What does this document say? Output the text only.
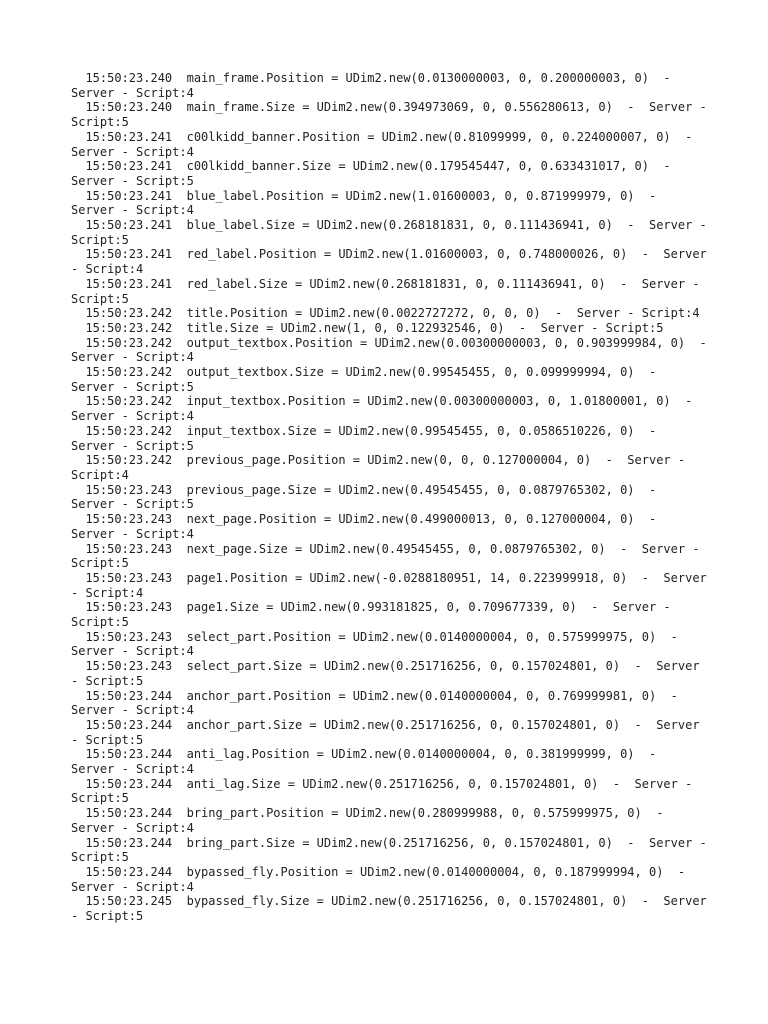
15:50:23.240  main_frame.Position = UDim2.new(0.0130000003, 0, 0.200000003, 0)  -  Server - Script:4

15:50:23.240  main_frame.Size = UDim2.new(0.394973069, 0, 0.556280613, 0)  -  Server - Script:5

15:50:23.241  c00lkidd_banner.Position = UDim2.new(0.81099999, 0, 0.224000007, 0)  -  Server - Script:4

15:50:23.241  c00lkidd_banner.Size = UDim2.new(0.179545447, 0, 0.633431017, 0)  -  Server - Script:5

15:50:23.241  blue_label.Position = UDim2.new(1.01600003, 0, 0.871999979, 0)  -  Server - Script:4

15:50:23.241  blue_label.Size = UDim2.new(0.268181831, 0, 0.111436941, 0)  -  Server - Script:5

15:50:23.241  red_label.Position = UDim2.new(1.01600003, 0, 0.748000026, 0)  -  Server - Script:4

15:50:23.241  red_label.Size = UDim2.new(0.268181831, 0, 0.111436941, 0)  -  Server - Script:5

15:50:23.242  title.Position = UDim2.new(0.0022727272, 0, 0, 0)  -  Server - Script:4

15:50:23.242  title.Size = UDim2.new(1, 0, 0.122932546, 0)  -  Server - Script:5

15:50:23.242  output_textbox.Position = UDim2.new(0.00300000003, 0, 0.903999984, 0)  -  Server - Script:4

15:50:23.242  output_textbox.Size = UDim2.new(0.99545455, 0, 0.099999994, 0)  -  Server - Script:5

15:50:23.242  input_textbox.Position = UDim2.new(0.00300000003, 0, 1.01800001, 0)  -  Server - Script:4

15:50:23.242  input_textbox.Size = UDim2.new(0.99545455, 0, 0.0586510226, 0)  -  Server - Script:5

15:50:23.242  previous_page.Position = UDim2.new(0, 0, 0.127000004, 0)  -  Server - Script:4

15:50:23.243  previous_page.Size = UDim2.new(0.49545455, 0, 0.0879765302, 0)  -  Server - Script:5

15:50:23.243  next_page.Position = UDim2.new(0.499000013, 0, 0.127000004, 0)  -  Server - Script:4

15:50:23.243  next_page.Size = UDim2.new(0.49545455, 0, 0.0879765302, 0)  -  Server - Script:5

15:50:23.243  page1.Position = UDim2.new(-0.0288180951, 14, 0.223999918, 0)  -  Server - Script:4

15:50:23.243  page1.Size = UDim2.new(0.993181825, 0, 0.709677339, 0)  -  Server - Script:5

15:50:23.243  select_part.Position = UDim2.new(0.0140000004, 0, 0.575999975, 0)  -  Server - Script:4

15:50:23.243  select_part.Size = UDim2.new(0.251716256, 0, 0.157024801, 0)  -  Server - Script:5

15:50:23.244  anchor_part.Position = UDim2.new(0.0140000004, 0, 0.769999981, 0)  -  Server - Script:4

15:50:23.244  anchor_part.Size = UDim2.new(0.251716256, 0, 0.157024801, 0)  -  Server - Script:5

15:50:23.244  anti_lag.Position = UDim2.new(0.0140000004, 0, 0.381999999, 0)  -  Server - Script:4

15:50:23.244  anti_lag.Size = UDim2.new(0.251716256, 0, 0.157024801, 0)  -  Server - Script:5

15:50:23.244  bring_part.Position = UDim2.new(0.280999988, 0, 0.575999975, 0)  -  Server - Script:4

15:50:23.244  bring_part.Size = UDim2.new(0.251716256, 0, 0.157024801, 0)  -  Server - Script:5

15:50:23.244  bypassed_fly.Position = UDim2.new(0.0140000004, 0, 0.187999994, 0)  -  Server - Script:4

15:50:23.245  bypassed_fly.Size = UDim2.new(0.251716256, 0, 0.157024801, 0)  -  Server - Script:5
